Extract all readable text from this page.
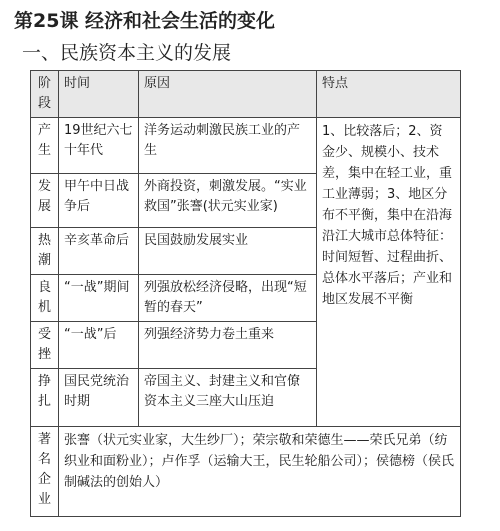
第25课 经济和社会生活的变化
一、民族资本主义的发展
阶段	时间	原因	特点
产生	19世纪六七十年代	洋务运动刺激民族工业的产生	1、比较落后；2、资金少、规模小、技术差，集中在轻工业，重工业薄弱；3、地区分布不平衡，集中在沿海沿江大城市总体特征：时间短暂、过程曲折、总体水平落后；产业和地区发展不平衡
发展	甲午中日战争后	外商投资，刺激发展。“实业救国”张謇(状元实业家)	
热潮	辛亥革命后	民国鼓励发展实业	
良机	“一战”期间	列强放松经济侵略，出现“短暂的春天”	
受挫	“一战”后	列强经济势力卷土重来	
挣扎	国民党统治时期	帝国主义、封建主义和官僚资本主义三座大山压迫	
著名企业	张謇（状元实业家，大生纱厂）；荣宗敬和荣德生——荣氏兄弟（纺织业和面粉业）；卢作孚（运输大王，民生轮船公司）；侯德榜（侯氏制碱法的创始人）		
